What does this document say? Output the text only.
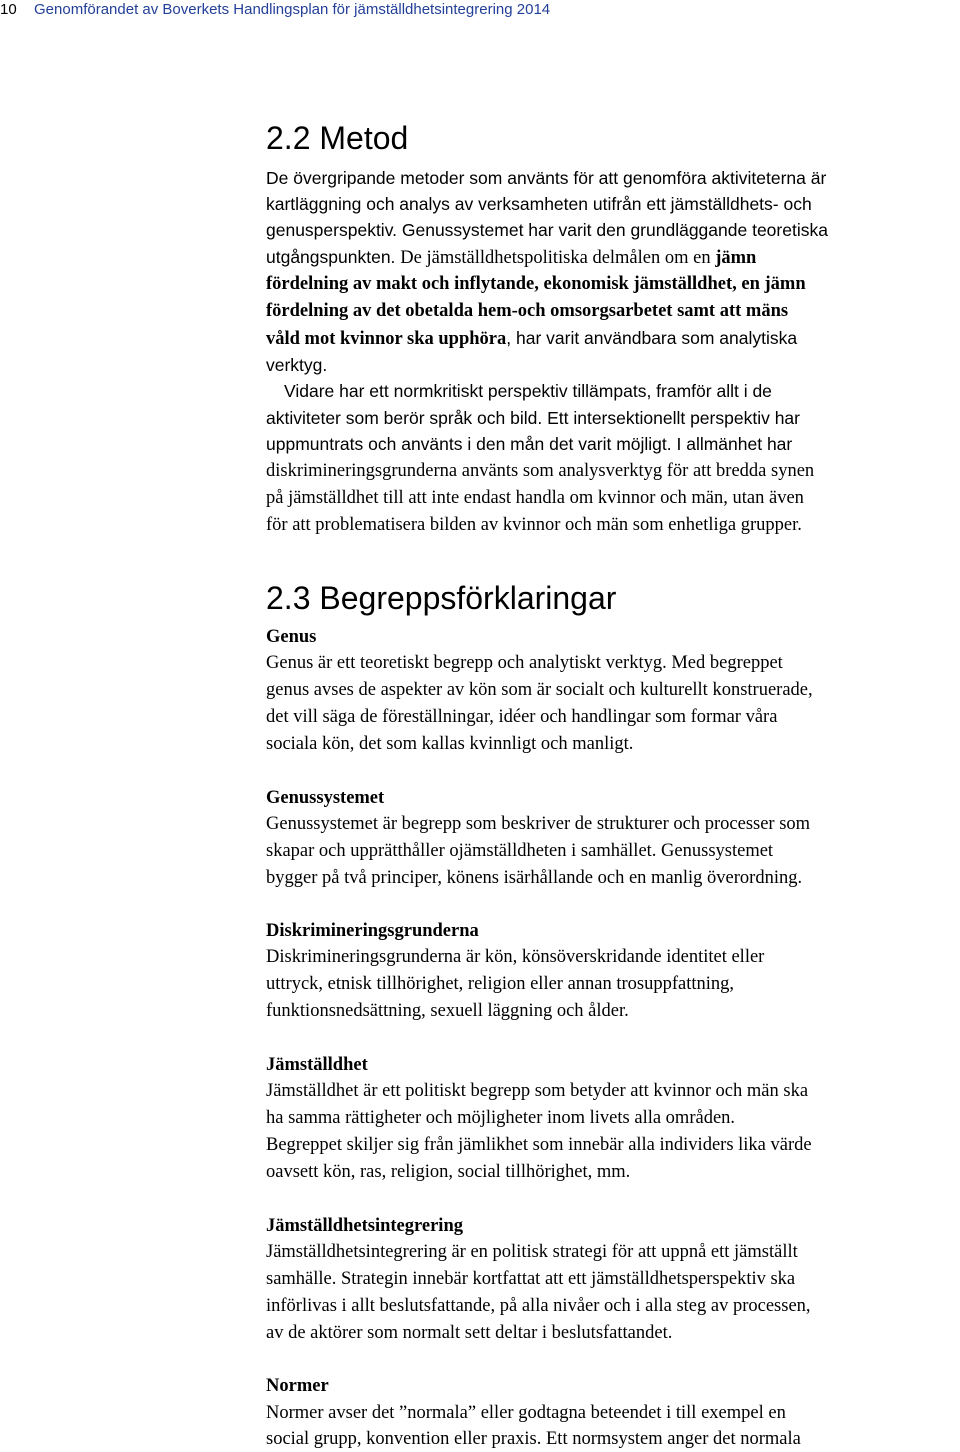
10 Genomförandet av Boverkets Handlingsplan för jämställdhetsintegrering 2014
2.2 Metod
De övergripande metoder som använts för att genomföra aktiviteterna är
kartläggning och analys av verksamheten utifrån ett jämställdhets- och
genusperspektiv. Genussystemet har varit den grundläggande teoretiska
utgångspunkten. De jämställdhetspolitiska delmålen om en jämn
fördelning av makt och inflytande, ekonomisk jämställdhet, en jämn
fördelning av det obetalda hem-och omsorgsarbetet samt att mäns
våld mot kvinnor ska upphöra, har varit användbara som analytiska
verktyg.
Vidare har ett normkritiskt perspektiv tillämpats, framför allt i de
aktiviteter som berör språk och bild. Ett intersektionellt perspektiv har
uppmuntrats och använts i den mån det varit möjligt. I allmänhet har
diskrimineringsgrunderna använts som analysverktyg för att bredda synen
på jämställdhet till att inte endast handla om kvinnor och män, utan även
för att problematisera bilden av kvinnor och män som enhetliga grupper.
2.3 Begreppsförklaringar
Genus
Genus är ett teoretiskt begrepp och analytiskt verktyg. Med begreppet
genus avses de aspekter av kön som är socialt och kulturellt konstruerade,
det vill säga de föreställningar, idéer och handlingar som formar våra
sociala kön, det som kallas kvinnligt och manligt.
Genussystemet
Genussystemet är begrepp som beskriver de strukturer och processer som
skapar och upprätthåller ojämställdheten i samhället. Genussystemet
bygger på två principer, könens isärhållande och en manlig överordning.
Diskrimineringsgrunderna
Diskrimineringsgrunderna är kön, könsöverskridande identitet eller
uttryck, etnisk tillhörighet, religion eller annan trosuppfattning,
funktionsnedsättning, sexuell läggning och ålder.
Jämställdhet
Jämställdhet är ett politiskt begrepp som betyder att kvinnor och män ska
ha samma rättigheter och möjligheter inom livets alla områden.
Begreppet skiljer sig från jämlikhet som innebär alla individers lika värde
oavsett kön, ras, religion, social tillhörighet, mm.
Jämställdhetsintegrering
Jämställdhetsintegrering är en politisk strategi för att uppnå ett jämställt
samhälle. Strategin innebär kortfattat att ett jämställdhetsperspektiv ska
införlivas i allt beslutsfattande, på alla nivåer och i alla steg av processen,
av de aktörer som normalt sett deltar i beslutsfattandet.
Normer
Normer avser det ”normala” eller godtagna beteendet i till exempel en
social grupp, konvention eller praxis. Ett normsystem anger det normala
